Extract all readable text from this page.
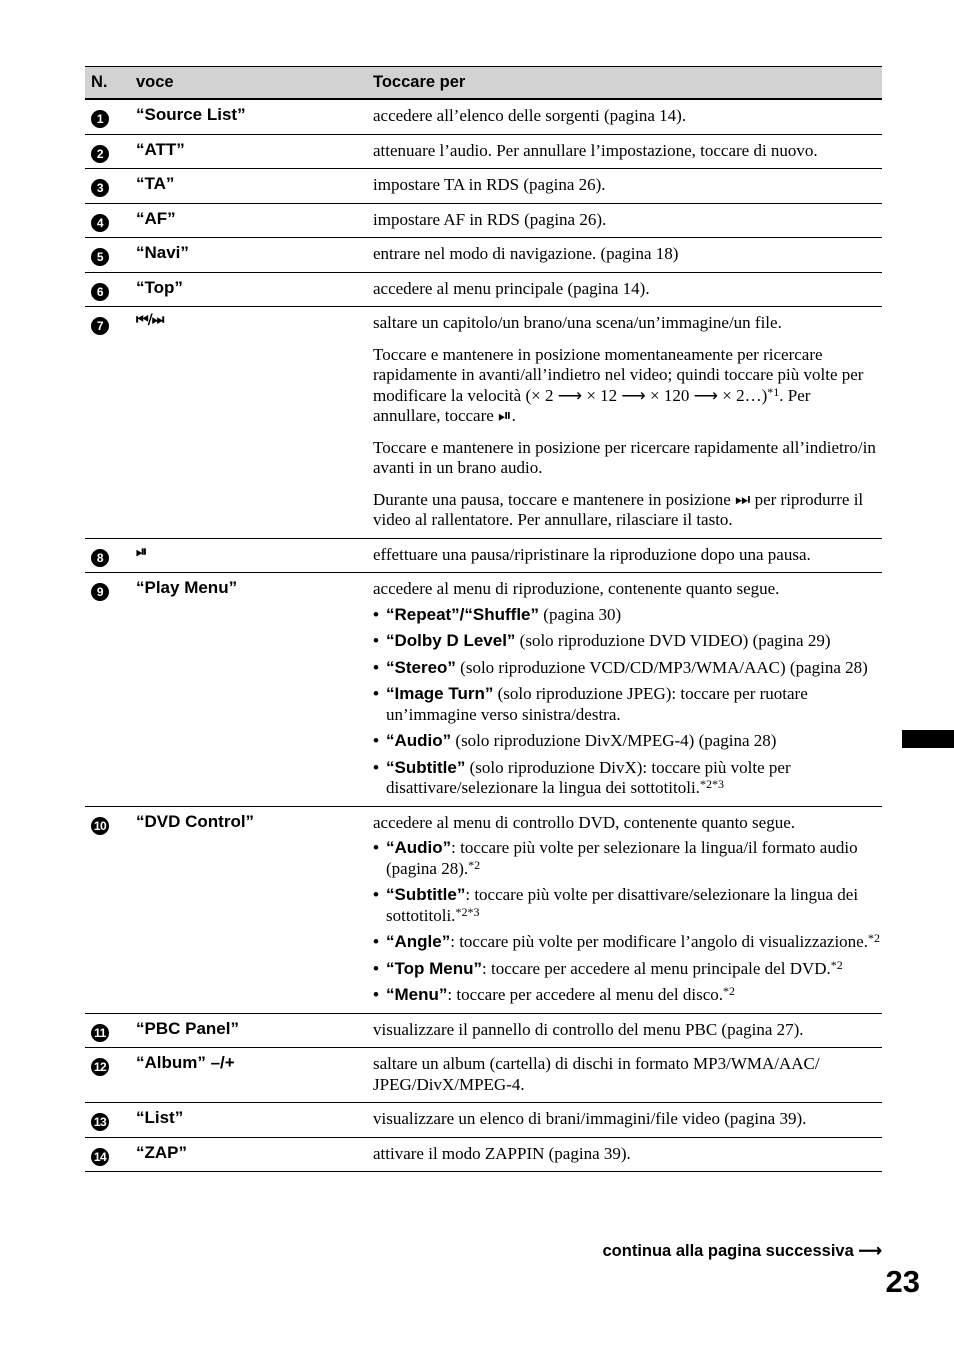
N. voce	Toccare per
1	“Source List”	accedere all’elenco delle sorgenti (pagina 14).

2	“ATT”	attenuare l’audio. Per annullare l’impostazione, toccare di nuovo.

3	“TA”	impostare TA in RDS (pagina 26).

4	“AF”	impostare AF in RDS (pagina 26).

5	“Navi”	entrare nel modo di navigazione. (pagina 18)

6	“Top”	accedere al menu principale (pagina 14).

7	⏮/⏭	saltare un capitolo/un brano/una scena/un’immagine/un file.

Toccare e mantenere in posizione momentaneamente per ricercare rapidamente in avanti/all’indietro nel video; quindi toccare più volte per modificare la velocità (× 2 ⟶ × 12 ⟶ × 120 ⟶ × 2…)$^{*1}$. Per annullare, toccare ⏯.

Toccare e mantenere in posizione per ricercare rapidamente all’indietro/in avanti in un brano audio.

Durante una pausa, toccare e mantenere in posizione ⏭ per riprodurre il video al rallentatore. Per annullare, rilasciare il tasto.

8	⏯	effettuare una pausa/ripristinare la riproduzione dopo una pausa.

9	“Play Menu”	accedere al menu di riproduzione, contenente quanto segue.

• “Repeat”/“Shuffle” (pagina 30)
• “Dolby D Level” (solo riproduzione DVD VIDEO) (pagina 29)
• “Stereo” (solo riproduzione VCD/CD/MP3/WMA/AAC) (pagina 28)
• “Image Turn” (solo riproduzione JPEG): toccare per ruotare un’immagine verso sinistra/destra.
• “Audio” (solo riproduzione DivX/MPEG-4) (pagina 28)
• “Subtitle” (solo riproduzione DivX): toccare più volte per disattivare/selezionare la lingua dei sottotitoli.$^{*2*3}$
10 “DVD Control”	accedere al menu di controllo DVD, contenente quanto segue.

• “Audio”: toccare più volte per selezionare la lingua/il formato audio (pagina 28).$^{*2}$
• “Subtitle”: toccare più volte per disattivare/selezionare la lingua dei sottotitoli.$^{*2*3}$
• “Angle”: toccare più volte per modificare l’angolo di visualizzazione.$^{*2}$
• “Top Menu”: toccare per accedere al menu principale del DVD.$^{*2}$
• “Menu”: toccare per accedere al menu del disco.$^{*2}$
11 “PBC Panel”	visualizzare il pannello di controllo del menu PBC (pagina 27).

12 “Album” –/+	saltare un album (cartella) di dischi in formato MP3/WMA/AAC/ JPEG/DivX/MPEG-4.

13 “List”	visualizzare un elenco di brani/immagini/file video (pagina 39).

14 “ZAP”	attivare il modo ZAPPIN (pagina 39).

continua alla pagina successiva ⟶
23
